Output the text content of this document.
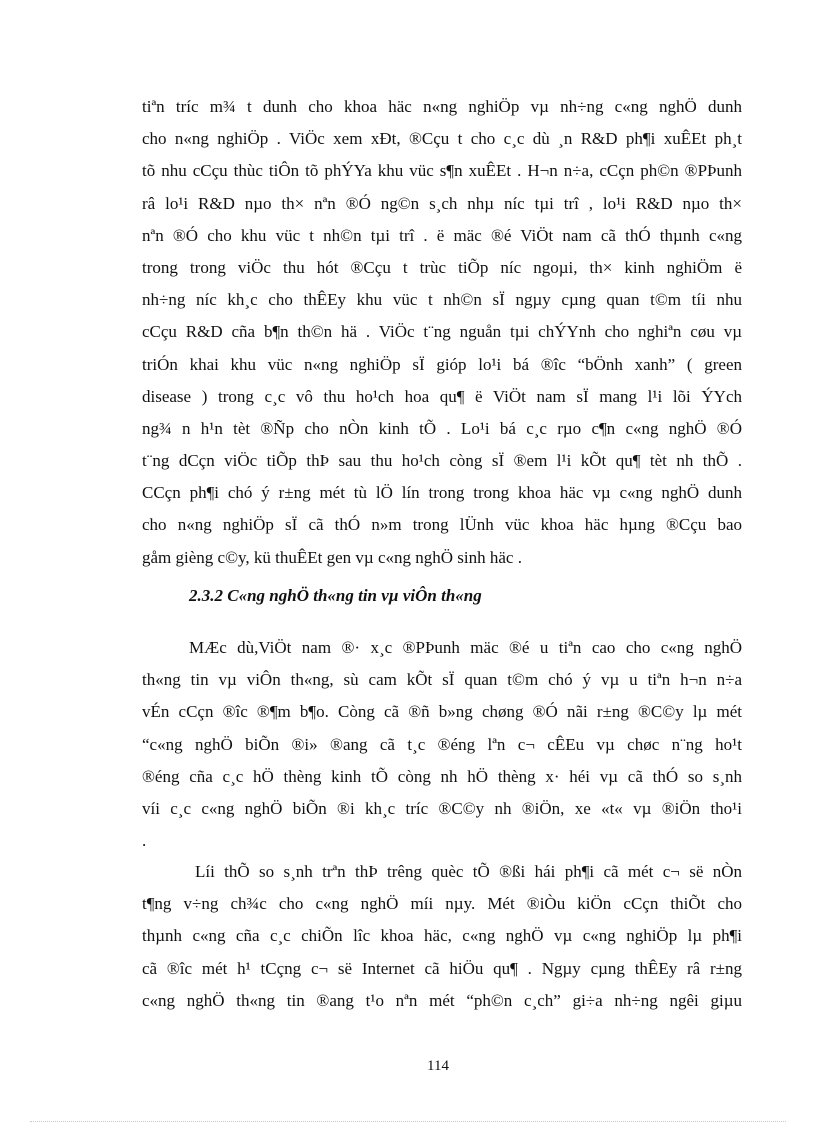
tiªn tríc m¾ t dunh cho khoa häc n«ng nghiÖp vµ nh÷ng c«ng nghÖ dunh
cho n«ng nghiÖp . ViÖc xem xÐt, ®Cçu t cho c¸c dù ¸n R&D ph¶i xuÊEt ph¸t
tõ nhu cCçu thùc tiÔn tõ phÝYa khu vüc s¶n xuÊEt . H¬n n÷a, cCçn ph©n ®PÞunh
râ lo¹i R&D nµo th× nªn ®Ó ng©n s¸ch nhµ níc tµi trî , lo¹i R&D nµo th×
nªn ®Ó cho khu vüc t nh©n tµi trî . ë mäc ®é ViÖt nam cã thÓ thµnh c«ng
trong trong viÖc thu hót ®Cçu t trùc tiÕp níc ngoµi, th× kinh nghiÖm ë
nh÷ng níc kh¸c cho thÊEy khu vüc t nh©n sÏ ngµy cµng quan t©m tíi nhu
cCçu R&D cña b¶n th©n hä . ViÖc t¨ng nguån tµi chÝYnh cho nghiªn cøu vµ
triÓn khai khu vüc n«ng nghiÖp sÏ gióp lo¹i bá ®îc “bÖnh xanh” ( green
disease ) trong c¸c vô thu ho¹ch hoa qu¶ ë ViÖt nam sÏ mang l¹i lõi ÝYch
ng¾ n h¹n tèt ®Ñp cho nÒn kinh tÕ . Lo¹i bá c¸c rµo c¶n c«ng nghÖ ®Ó
t¨ng dCçn viÖc tiÕp thÞ sau thu ho¹ch còng sÏ ®em l¹i kÕt qu¶ tèt nh thÕ .
CCçn ph¶i chó ý r±ng mét tù lÖ lín trong trong khoa häc vµ c«ng nghÖ dunh
cho n«ng nghiÖp sÏ cã thÓ n»m trong lÜnh vüc khoa häc hµng ®Cçu bao
gåm gièng c©y, kü thuÊEt gen vµ c«ng nghÖ sinh häc .
2.3.2 C«ng nghÖ th«ng tin vµ viÔn th«ng
MÆc dù,ViÖt nam ®· x¸c ®PÞunh mäc ®é u tiªn cao cho c«ng nghÖ
th«ng tin vµ viÔn th«ng, sù cam kÕt sÏ quan t©m chó ý vµ u tiªn h¬n n÷a
vÉn cCçn ®îc ®¶m b¶o. Còng cã ®ñ b»ng chøng ®Ó nãi r±ng ®C©y lµ mét
“c«ng nghÖ biÕn ®i» ®ang cã t¸c ®éng lªn c¬ cÊEu vµ chøc n¨ng ho¹t
®éng cña c¸c hÖ thèng kinh tÕ còng nh hÖ thèng x· héi vµ cã thÓ so s¸nh
víi c¸c c«ng nghÖ biÕn ®i kh¸c tríc ®C©y nh ®iÖn, xe «t« vµ ®iÖn tho¹i
.
Líi thÕ so s¸nh trªn thÞ trêng quèc tÕ ®ßi hái ph¶i cã mét c¬ së nÒn
t¶ng v÷ng ch¾c cho c«ng nghÖ míi nµy. Mét ®iÒu kiÖn cCçn thiÕt cho
thµnh c«ng cña c¸c chiÕn lîc khoa häc, c«ng nghÖ vµ c«ng nghiÖp lµ ph¶i
cã ®îc mét h¹ tCçng c¬ së Internet cã hiÖu qu¶ . Ngµy cµng thÊEy râ r±ng
c«ng nghÖ th«ng tin ®ang t¹o nªn mét “ph©n c¸ch” gi÷a nh÷ng ngêi giµu
114
